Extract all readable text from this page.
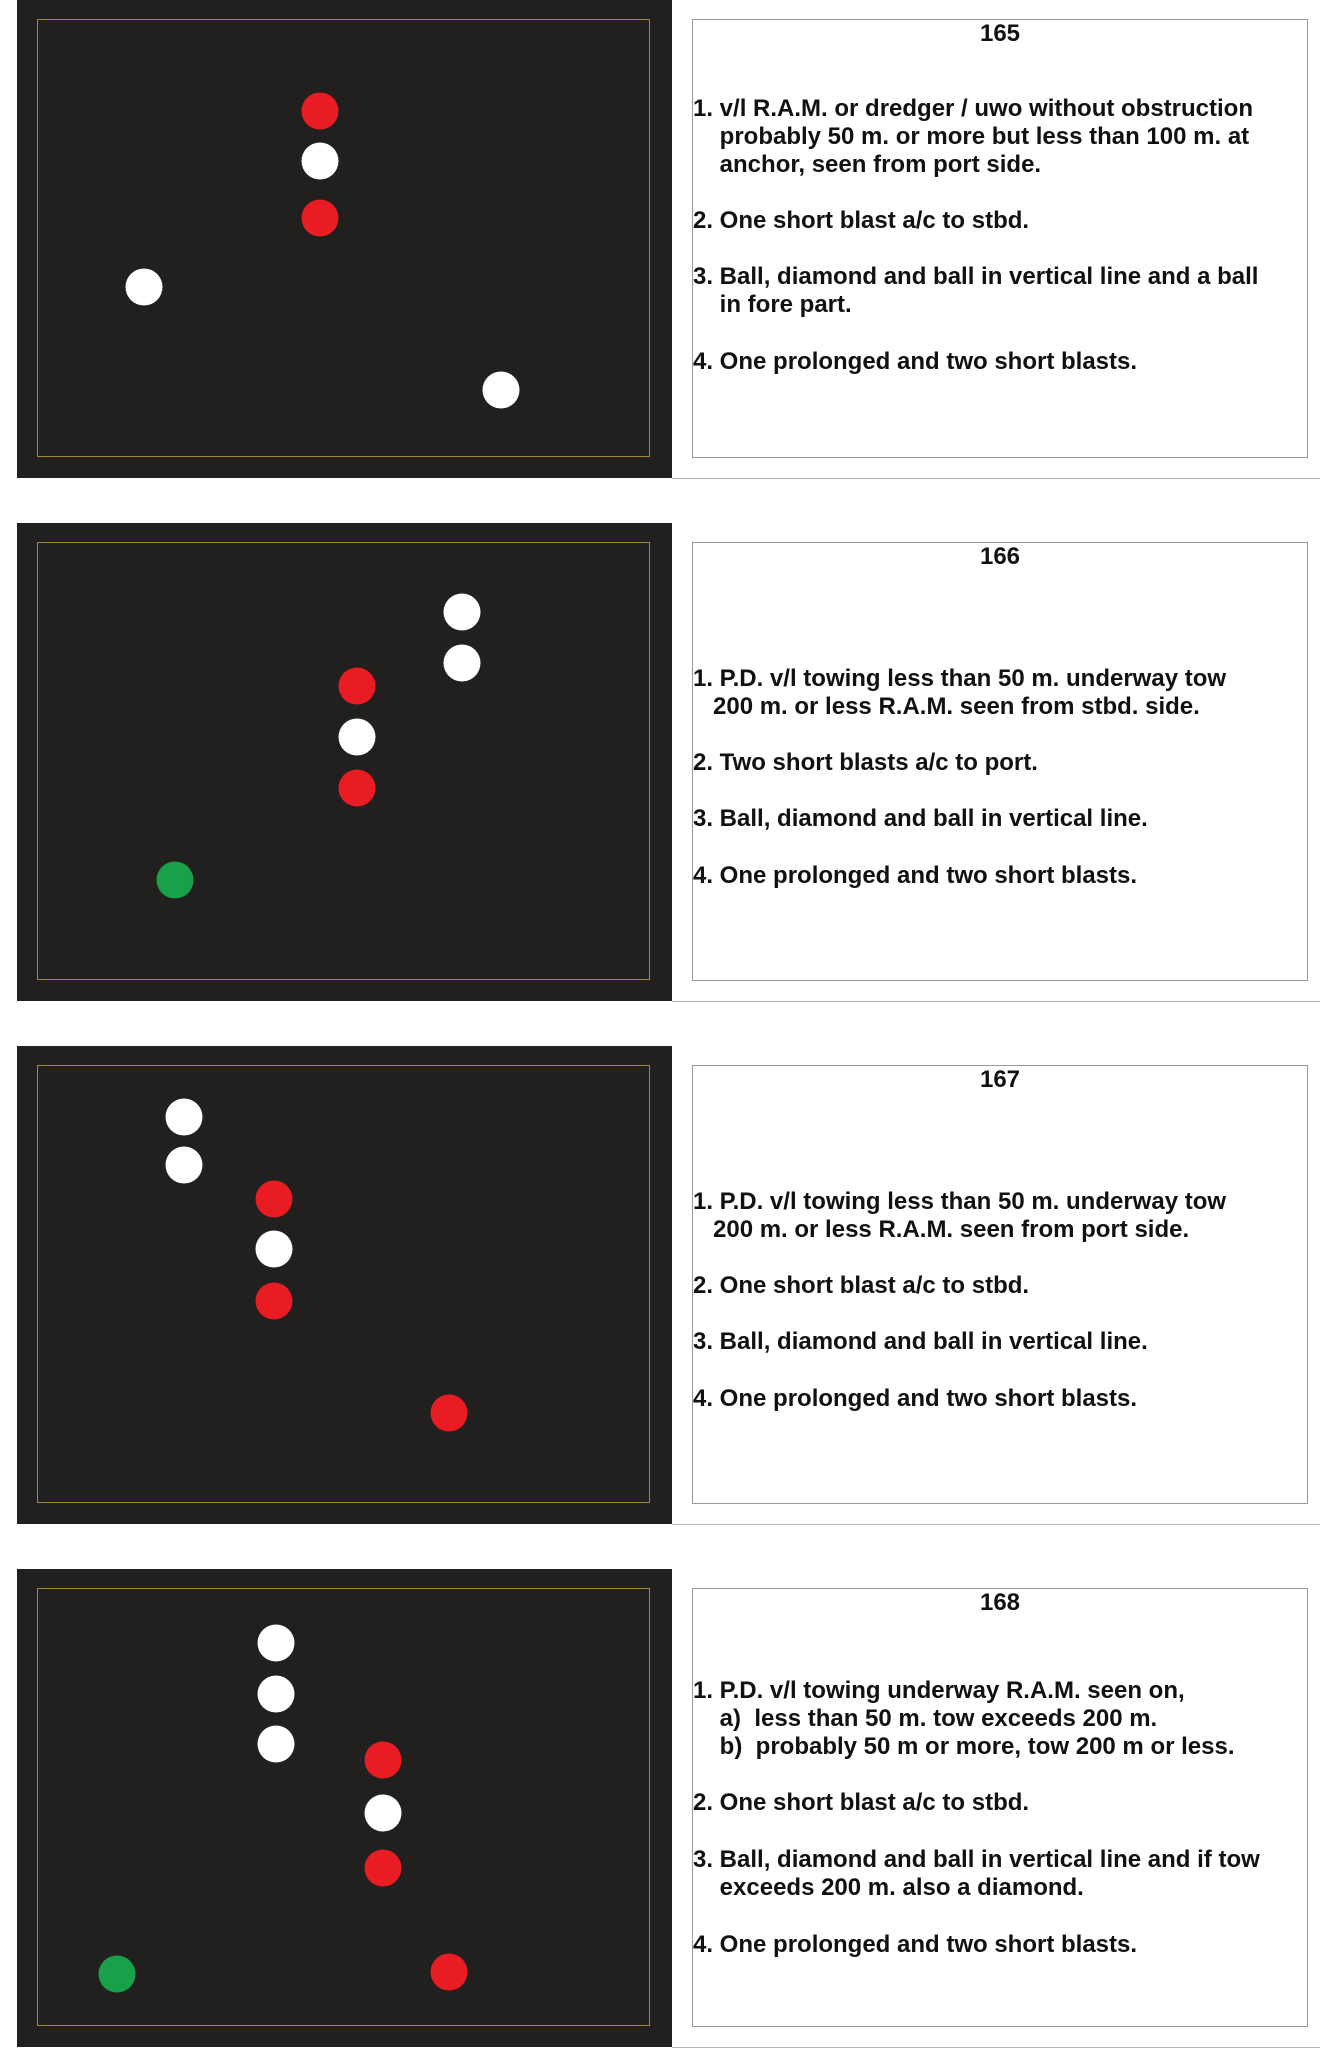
165
1. v/l R.A.M. or dredger / uwo without obstruction
probably 50 m. or more but less than 100 m. at
anchor, seen from port side.
2. One short blast a/c to stbd.
3. Ball, diamond and ball in vertical line and a ball
in fore part.
4. One prolonged and two short blasts.
166
1. P.D. v/l towing less than 50 m. underway tow
200 m. or less R.A.M. seen from stbd. side.
2. Two short blasts a/c to port.
3. Ball, diamond and ball in vertical line.
4. One prolonged and two short blasts.
167
1. P.D. v/l towing less than 50 m. underway tow
200 m. or less R.A.M. seen from port side.
2. One short blast a/c to stbd.
3. Ball, diamond and ball in vertical line.
4. One prolonged and two short blasts.
168
1. P.D. v/l towing underway R.A.M. seen on,
a)  less than 50 m. tow exceeds 200 m.
b)  probably 50 m or more, tow 200 m or less.
2. One short blast a/c to stbd.
3. Ball, diamond and ball in vertical line and if tow
exceeds 200 m. also a diamond.
4. One prolonged and two short blasts.
